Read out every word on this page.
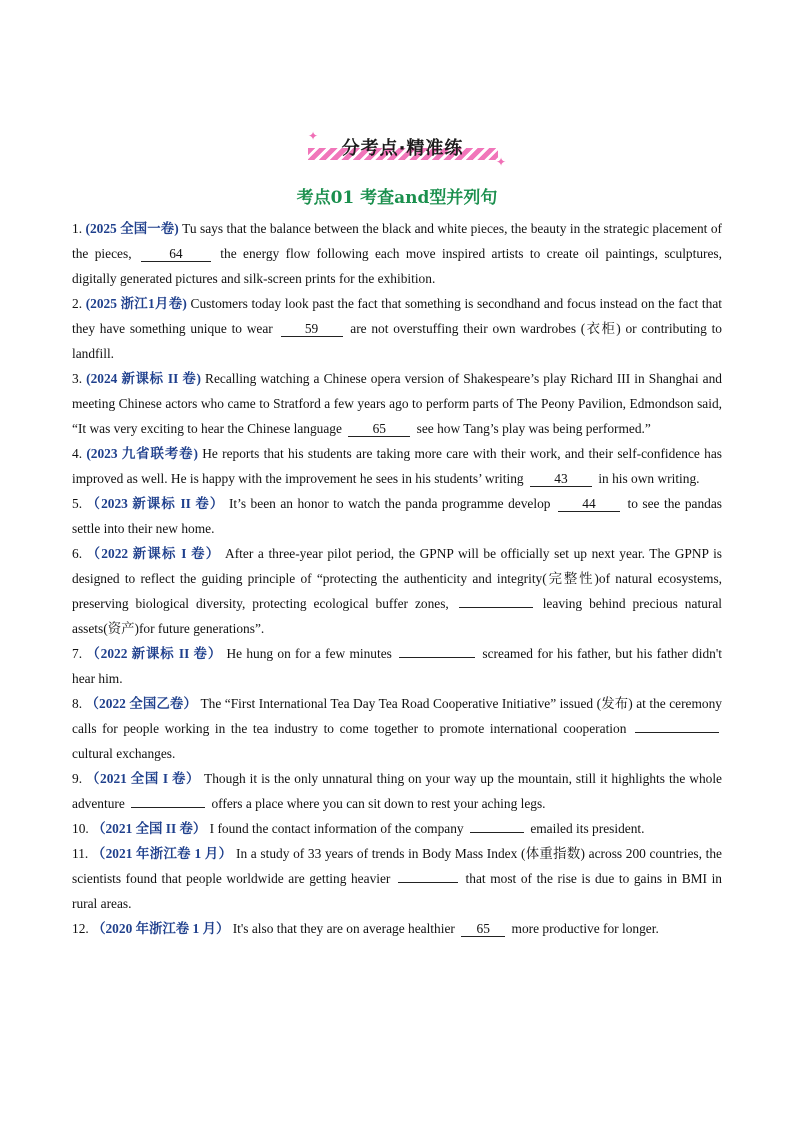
✦
✦
分考点·精准练
考点01 考查and型并列句

1. (2025 全国一卷) Tu says that the balance between the black and white pieces, the beauty in the strategic placement of the pieces, 64 the energy flow following each move inspired artists to create oil paintings, sculptures, digitally generated pictures and silk-screen prints for the exhibition.

2. (2025 浙江1月卷) Customers today look past the fact that something is secondhand and focus instead on the fact that they have something unique to wear 59 are not overstuffing their own wardrobes (衣柜) or contributing to landfill.

3. (2024 新课标 II 卷) Recalling watching a Chinese opera version of Shakespeare’s play Richard III in Shanghai and meeting Chinese actors who came to Stratford a few years ago to perform parts of The Peony Pavilion, Edmondson said, “It was very exciting to hear the Chinese language 65 see how Tang’s play was being performed.”

4. (2023 九省联考卷) He reports that his students are taking more care with their work, and their self-confidence has improved as well. He is happy with the improvement he sees in his students’ writing 43 in his own writing.

5. （2023 新课标 II 卷） It’s been an honor to watch the panda programme develop 44 to see the pandas settle into their new home.

6. （2022 新课标 I 卷） After a three-year pilot period, the GPNP will be officially set up next year. The GPNP is designed to reflect the guiding principle of “protecting the authenticity and integrity(完整性)of natural ecosystems, preserving biological diversity, protecting ecological buffer zones,	leaving behind precious natural assets(资产)for future generations”.

7. （2022 新课标 II 卷） He hung on for a few minutes	screamed for his father, but his father didn't hear him.

8. （2022 全国乙卷） The “First International Tea Day Tea Road Cooperative Initiative” issued (发布) at the ceremony calls for people working in the tea industry to come together to promote international cooperation  cultural exchanges.

9. （2021 全国 I 卷） Though it is the only unnatural thing on your way up the mountain, still it highlights the whole adventure	offers a place where you can sit down to rest your aching legs.

10. （2021 全国 II 卷） I found the contact information of the company	emailed its president.

11. （2021 年浙江卷 1 月） In a study of 33 years of trends in Body Mass Index (体重指数) across 200 countries, the scientists found that people worldwide are getting heavier	that most of the rise is due to gains in BMI in rural areas.

12. （2020 年浙江卷 1 月） It's also that they are on average healthier 65 more productive for longer.
